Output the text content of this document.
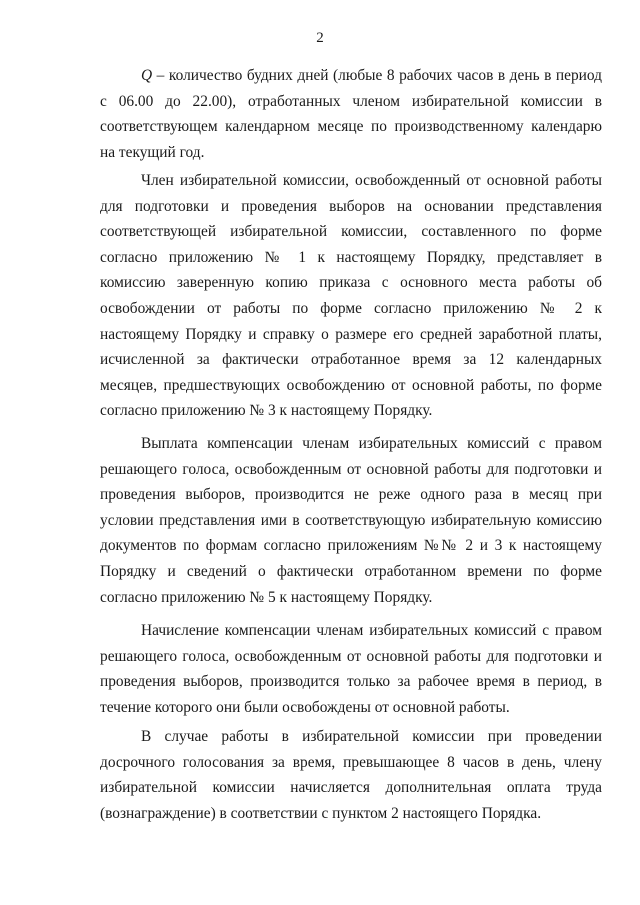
2

Q – количество будних дней (любые 8 рабочих часов в день в период с 06.00 до 22.00), отработанных членом избирательной комиссии в соответствующем календарном месяце по производственному календарю на текущий год.

Член избирательной комиссии, освобожденный от основной работы для подготовки и проведения выборов на основании представления соответствующей избирательной комиссии, составленного по форме согласно приложению № 1 к настоящему Порядку, представляет в комиссию заверенную копию приказа с основного места работы об освобождении от работы по форме согласно приложению № 2 к настоящему Порядку и справку о размере его средней заработной платы, исчисленной за фактически отработанное время за 12 календарных месяцев, предшествующих освобождению от основной работы, по форме согласно приложению № 3 к настоящему Порядку.

Выплата компенсации членам избирательных комиссий с правом решающего голоса, освобожденным от основной работы для подготовки и проведения выборов, производится не реже одного раза в месяц при условии представления ими в соответствующую избирательную комиссию документов по формам согласно приложениям №№ 2 и 3 к настоящему Порядку и сведений о фактически отработанном времени по форме согласно приложению № 5 к настоящему Порядку.

Начисление компенсации членам избирательных комиссий с правом решающего голоса, освобожденным от основной работы для подготовки и проведения выборов, производится только за рабочее время в период, в течение которого они были освобождены от основной работы.

В случае работы в избирательной комиссии при проведении досрочного голосования за время, превышающее 8 часов в день, члену избирательной комиссии начисляется дополнительная оплата труда (вознаграждение) в соответствии с пунктом 2 настоящего Порядка.
